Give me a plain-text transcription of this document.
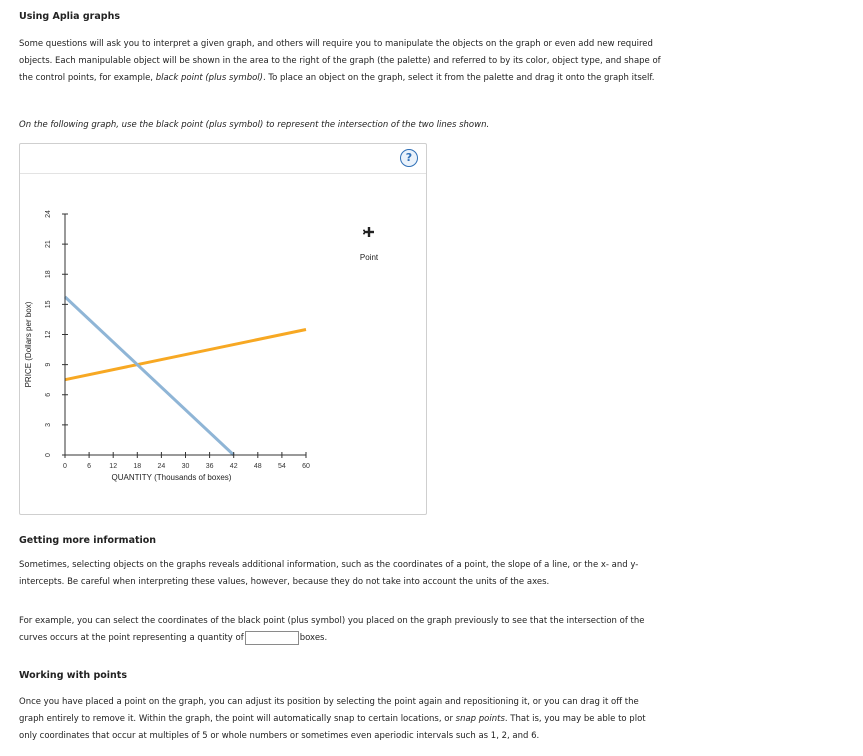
Using Aplia graphs
Some questions will ask you to interpret a given graph, and others will require you to manipulate the objects on the graph or even add new required
objects. Each manipulable object will be shown in the area to the right of the graph (the palette) and referred to by its color, object type, and shape of
the control points, for example, black point (plus symbol). To place an object on the graph, select it from the palette and drag it onto the graph itself.
On the following graph, use the black point (plus symbol) to represent the intersection of the two lines shown.
?
0	6	12 18 24 30 36 42 48 54 60
0
3
6
9
12
15
18
21
24
QUANTITY (Thousands of boxes)
PRICE (Dollars per box)
Point
Getting more information
Sometimes, selecting objects on the graphs reveals additional information, such as the coordinates of a point, the slope of a line, or the x- and y-
intercepts. Be careful when interpreting these values, however, because they do not take into account the units of the axes.
For example, you can select the coordinates of the black point (plus symbol) you placed on the graph previously to see that the intersection of the
curves occurs at the point representing a quantity of	boxes.
Working with points
Once you have placed a point on the graph, you can adjust its position by selecting the point again and repositioning it, or you can drag it off the
graph entirely to remove it. Within the graph, the point will automatically snap to certain locations, or snap points. That is, you may be able to plot
only coordinates that occur at multiples of 5 or whole numbers or sometimes even aperiodic intervals such as 1, 2, and 6.
